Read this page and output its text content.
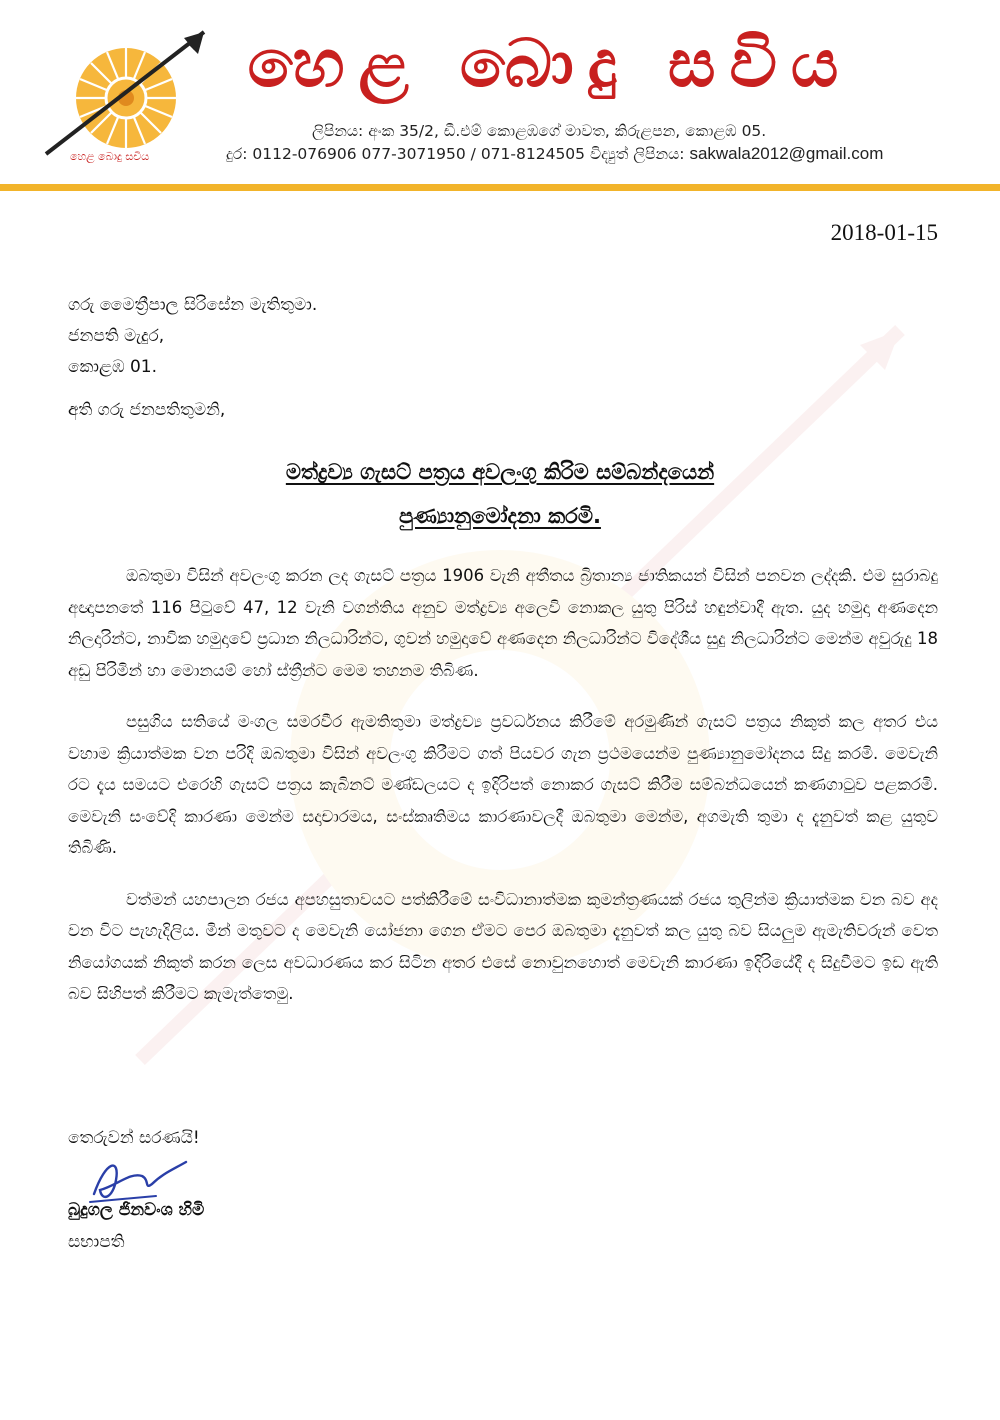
හෙළ බොදු සවිය
හෙළ බොදු සවිය
ලිපිනය: අංක 35/2, ඩී.එම් කොළඹගේ මාවත, කිරුළපන, කොළඹ 05.
දුර: 0112-076906 077-3071950 / 071-8124505 විද්‍යුත් ලිපිනය: sakwala2012@gmail.com
2018-01-15
ගරු මෛත්‍රීපාල සිරිසේන මැතිතුමා.
ජනපති මැදුර,
කොළඹ 01.
අති ගරු ජනපතිතුමනි,
මත්ද්‍රව්‍ය ගැසට් පත්‍රය අවලංගු කිරිම සම්බන්දයෙන්
පුණ්‍යානුමෝදනා කරමි.

ඔබතුමා විසින් අවලංගු කරන ලද ගැසට් පත්‍රය 1906 වැනි අතීතය බ්‍රිතාන්‍ය ජාතිකයන් විසින් පනවන ලද්දකි. එම සුරාබදු අඥාපනතේ 116 පිටුවේ 47, 12 වැනි වගන්තිය අනුව මත්ද්‍රව්‍ය අලෙවි නොකල යුතු පිරිස් හඳුන්වාදී ඇත. යුද හමුදා අණදෙන නිලදාරින්ට, නාවික හමුදාවේ ප්‍රධාන නිලධාරින්ට, ගුවන් හමුදාවේ අණදෙන නිලධාරින්ට විදේශීය සුදු නිලධාරින්ට මෙන්ම අවුරුදු 18 අඩු පිරිමින් හා මොනයම් හෝ ස්ත්‍රීන්ට මෙම තහනම තිබිණ.

පසුගිය සතියේ මංගල සමරවීර ඇමතිතුමා මත්ද්‍රව්‍ය ප්‍රවර්ධනය කිරීමේ අරමුණින් ගැසට් පත්‍රය නිකුත් කල අතර එය වහාම ක්‍රියාත්මක වන පරිදි ඔබතුමා විසින් අවලංගු කිරීමට ගත් පියවර ගැන ප්‍රථමයෙන්ම පුණ්‍යානුමෝදනය සිදු කරමි. මෙවැනි රට දැය සමයට එරෙහි ගැසට් පත්‍රය කැබිනට් මණ්ඩලයට ද ඉදිරිපත් නොකර ගැසට් කිරීම සම්බන්ධයෙන් කණගාටුව පළකරමි. මෙවැනි සංවේදි කාරණා මෙන්ම සදාචාරමය, සංස්කෘතිමය කාරණාවලදී ඔබතුමා මෙන්ම, අගමැති තුමා ද දැනුවත් කළ යුතුව තිබිණි.

වත්මන් යහපාලන රජය අපහසුතාවයට පත්කිරීමේ සංවිධානාත්මක කුමන්ත්‍රණයක් රජය තුලින්ම ක්‍රියාත්මක වන බව අද වන විට පැහැදිලිය. මින් මතුවට ද මෙවැනි යෝජනා ගෙන ඒමට පෙර ඔබතුමා දැනුවත් කල යුතු බව සියලුම ඇමැතිවරුන් වෙත නියෝගයක් නිකුත් කරන ලෙස අවධාරණය කර සිටින අතර එසේ නොවුනහොත් මෙවැනි කාරණා ඉදිරියේදී ද සිදුවීමට ඉඩ ඇති බව සිහිපත් කිරීමට කැමැත්තෙමු.

තෙරුවන් සරණයි!
බුදුගල ජිනවංශ හිමි
සභාපති
